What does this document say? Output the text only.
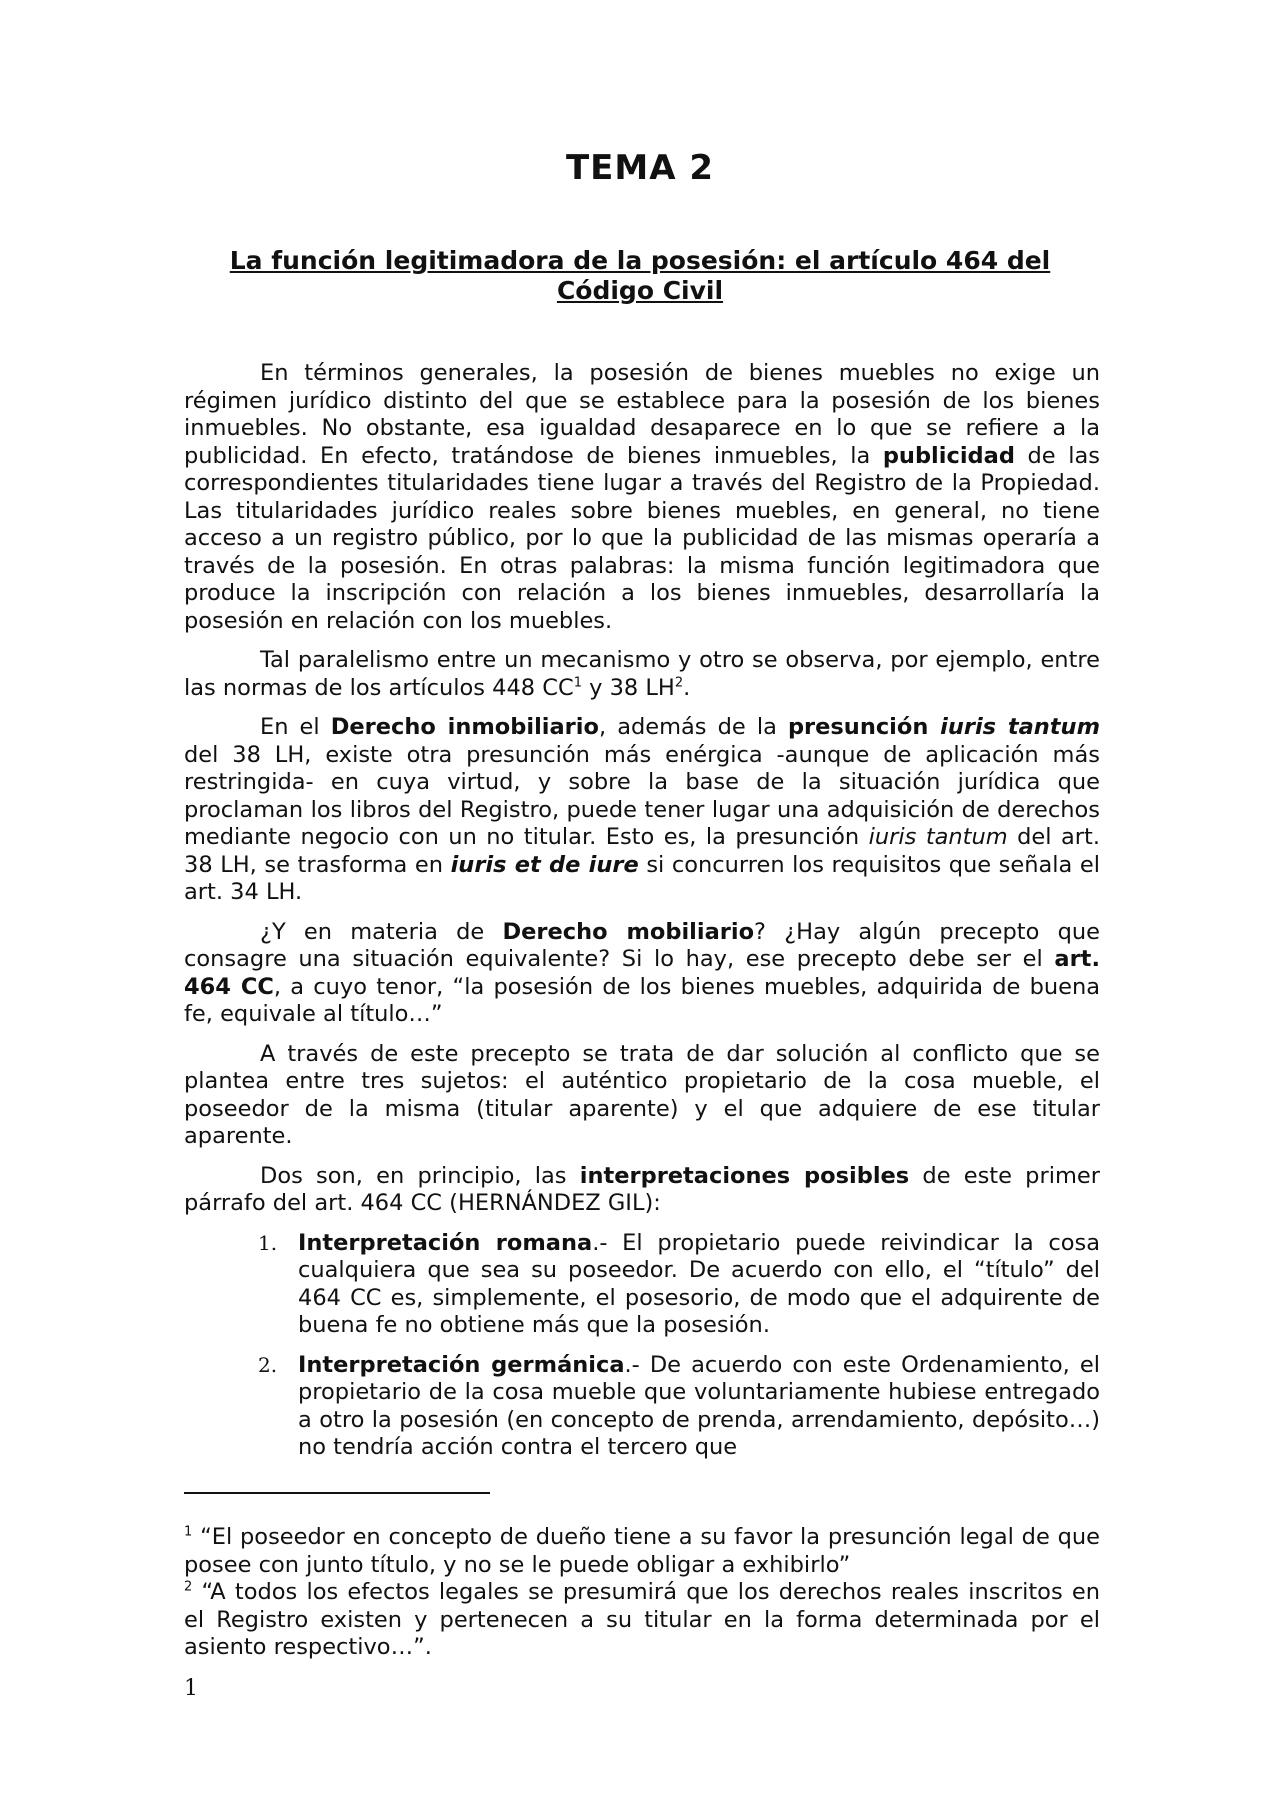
TEMA 2
La función legitimadora de la posesión: el artículo 464 del
Código Civil

En términos generales, la posesión de bienes muebles no exige un régimen jurídico distinto del que se establece para la posesión de los bienes inmuebles. No obstante, esa igualdad desaparece en lo que se refiere a la publicidad. En efecto, tratándose de bienes inmuebles, la publicidad de las correspondientes titularidades tiene lugar a través del Registro de la Propiedad. Las titularidades jurídico reales sobre bienes muebles, en general, no tiene acceso a un registro público, por lo que la publicidad de las mismas operaría a través de la posesión. En otras palabras: la misma función legitimadora que produce la inscripción con relación a los bienes inmuebles, desarrollaría la posesión en relación con los muebles.

Tal paralelismo entre un mecanismo y otro se observa, por ejemplo, entre las normas de los artículos 448 $CC^1$ y 38 $LH^2$.

En el Derecho inmobiliario, además de la presunción iuris tantum del 38 LH, existe otra presunción más enérgica -aunque de aplicación más restringida- en cuya virtud, y sobre la base de la situación jurídica que proclaman los libros del Registro, puede tener lugar una adquisición de derechos mediante negocio con un no titular. Esto es, la presunción iuris tantum del art. 38 LH, se trasforma en iuris et de iure si concurren los requisitos que señala el art. 34 LH.

¿Y en materia de Derecho mobiliario? ¿Hay algún precepto que consagre una situación equivalente? Si lo hay, ese precepto debe ser el art. 464 CC, a cuyo tenor, “la posesión de los bienes muebles, adquirida de buena fe, equivale al título…”

A través de este precepto se trata de dar solución al conflicto que se plantea entre tres sujetos: el auténtico propietario de la cosa mueble, el poseedor de la misma (titular aparente) y el que adquiere de ese titular aparente.

Dos son, en principio, las interpretaciones posibles de este primer párrafo del art. 464 CC (HERNÁNDEZ GIL):

1. Interpretación romana.- El propietario puede reivindicar la cosa cualquiera que sea su poseedor. De acuerdo con ello, el “título” del 464 CC es, simplemente, el posesorio, de modo que el adquirente de buena fe no obtiene más que la posesión.
2. Interpretación germánica.- De acuerdo con este Ordenamiento, el propietario de la cosa mueble que voluntariamente hubiese entregado a otro la posesión (en concepto de prenda, arrendamiento, depósito…) no tendría acción contra el tercero que

$^1$ “El poseedor en concepto de dueño tiene a su favor la presunción legal de que posee con junto título, y no se le puede obligar a exhibirlo”

$^2$ “A todos los efectos legales se presumirá que los derechos reales inscritos en el Registro existen y pertenecen a su titular en la forma determinada por el asiento respectivo…”.

1
